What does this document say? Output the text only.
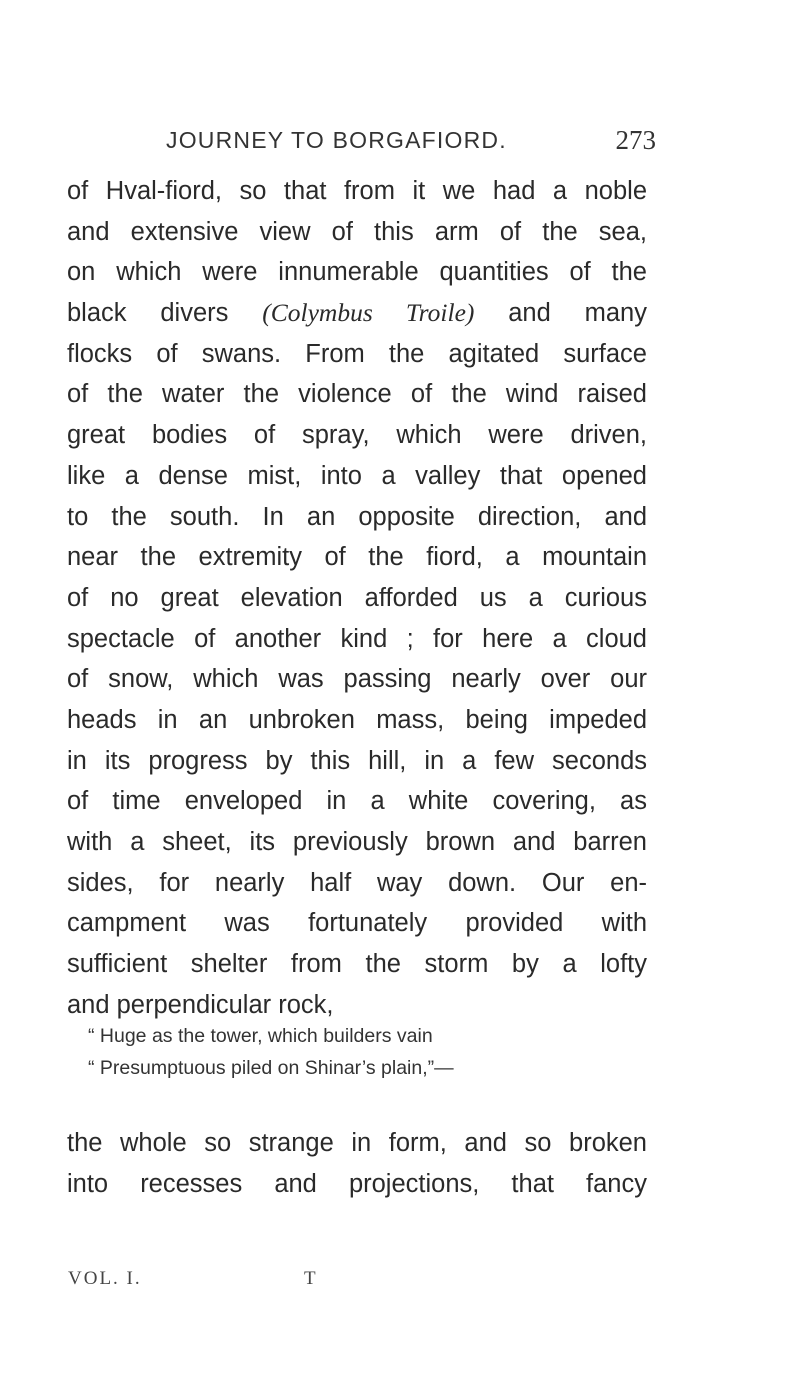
JOURNEY TO BORGAFIORD.	273
of Hval-fiord, so that from it we had a noble
and extensive view of this arm of the sea,
on which were innumerable quantities of the
black divers (Colymbus Troile) and many
flocks of swans. From the agitated surface
of the water the violence of the wind raised
great bodies of spray, which were driven,
like a dense mist, into a valley that opened
to the south. In an opposite direction, and
near the extremity of the fiord, a mountain
of no great elevation afforded us a curious
spectacle of another kind ; for here a cloud
of snow, which was passing nearly over our
heads in an unbroken mass, being impeded
in its progress by this hill, in a few seconds
of time enveloped in a white covering, as
with a sheet, its previously brown and barren
sides, for nearly half way down. Our en-
campment was fortunately provided with
sufficient shelter from the storm by a lofty
and perpendicular rock,
“ Huge as the tower, which builders vain
“ Presumptuous piled on Shinar’s plain,”—
the whole so strange in form, and so broken
into recesses and projections, that fancy
VOL. I.	T
